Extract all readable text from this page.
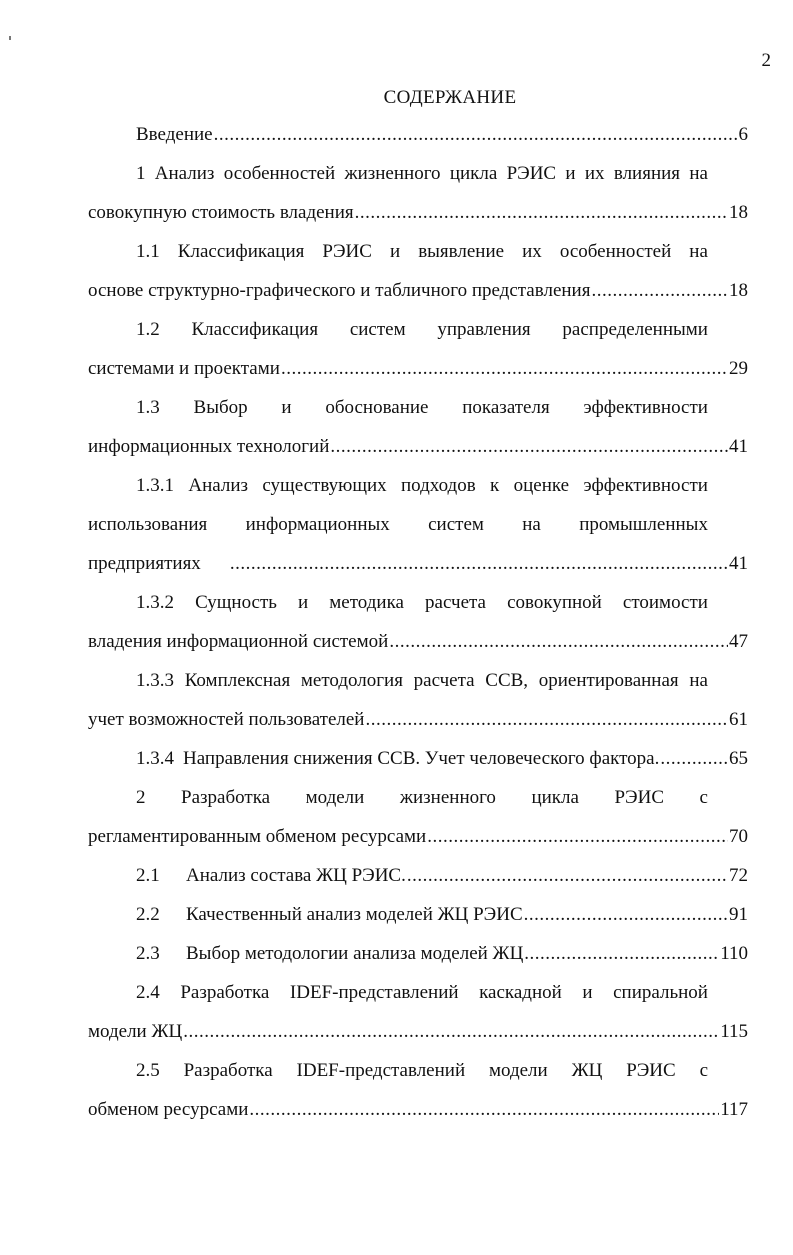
2
СОДЕРЖАНИЕ
Введение .....	6
1 Анализ особенностей жизненного цикла РЭИС и их влияния на
совокупную стоимость владения .....	18
1.1 Классификация РЭИС и выявление их особенностей на
основе структурно-графического и табличного представления .....	18
1.2 Классификация систем управления распределенными
системами и проектами .....	29
1.3 Выбор и обоснование показателя эффективности
информационных технологий .....	41
1.3.1 Анализ существующих подходов к оценке эффективности
использования информационных систем на промышленных
предприятиях .....	41
1.3.2 Сущность и методика расчета совокупной стоимости
владения информационной системой .....	47
1.3.3 Комплексная методология расчета ССВ, ориентированная на
учет возможностей пользователей .....	61
1.3.4 Направления снижения ССВ. Учет человеческого фактора. .....	65
2 Разработка модели жизненного цикла РЭИС с
регламентированным обменом ресурсами .....	70
2.1 Анализ состава ЖЦ РЭИС. .....	72
2.2 Качественный анализ моделей ЖЦ РЭИС .....	91
2.3 Выбор методологии анализа моделей ЖЦ .....	110
2.4 Разработка IDEF-представлений каскадной и спиральной
модели ЖЦ .....	115
2.5 Разработка IDEF-представлений модели ЖЦ РЭИС с
обменом ресурсами .....	117
